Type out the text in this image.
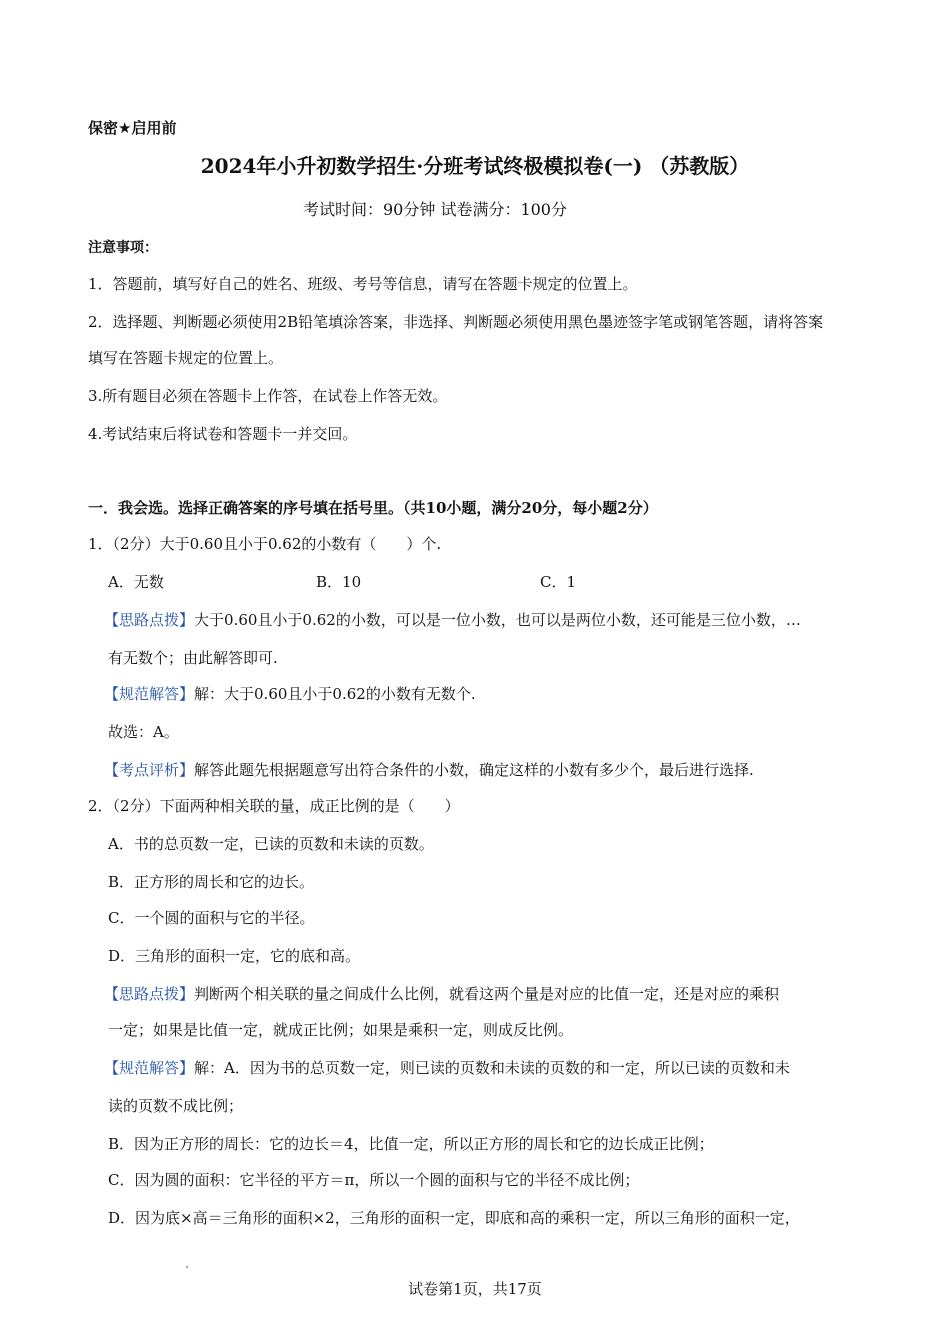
保密★启用前
2024年小升初数学招生·分班考试终极模拟卷(一) （苏教版）
考试时间：90分钟 试卷满分：100分
注意事项：
1．答题前，填写好自己的姓名、班级、考号等信息，请写在答题卡规定的位置上。
2．选择题、判断题必须使用2B铅笔填涂答案，非选择、判断题必须使用黑色墨迹签字笔或钢笔答题，请将答案
填写在答题卡规定的位置上。
3.所有题目必须在答题卡上作答，在试卷上作答无效。
4.考试结束后将试卷和答题卡一并交回。
一．我会选。选择正确答案的序号填在括号里。（共10小题，满分20分，每小题2分）
1．（2分）大于0.60且小于0.62的小数有（　　）个.
A．无数	B．10	C．1
【思路点拨】大于0.60且小于0.62的小数，可以是一位小数，也可以是两位小数，还可能是三位小数，…
有无数个；由此解答即可.
【规范解答】解：大于0.60且小于0.62的小数有无数个.
故选：A。
【考点评析】解答此题先根据题意写出符合条件的小数，确定这样的小数有多少个，最后进行选择.
2．（2分）下面两种相关联的量，成正比例的是（　　）
A．书的总页数一定，已读的页数和未读的页数。
B．正方形的周长和它的边长。
C．一个圆的面积与它的半径。
D．三角形的面积一定，它的底和高。
【思路点拨】判断两个相关联的量之间成什么比例，就看这两个量是对应的比值一定，还是对应的乘积
一定；如果是比值一定，就成正比例；如果是乘积一定，则成反比例。
【规范解答】解：A．因为书的总页数一定，则已读的页数和未读的页数的和一定，所以已读的页数和未
读的页数不成比例；
B．因为正方形的周长：它的边长＝4，比值一定，所以正方形的周长和它的边长成正比例；
C．因为圆的面积：它半径的平方＝π，所以一个圆的面积与它的半径不成比例；
D．因为底×高＝三角形的面积×2，三角形的面积一定，即底和高的乘积一定，所以三角形的面积一定，
试卷第1页，共17页
